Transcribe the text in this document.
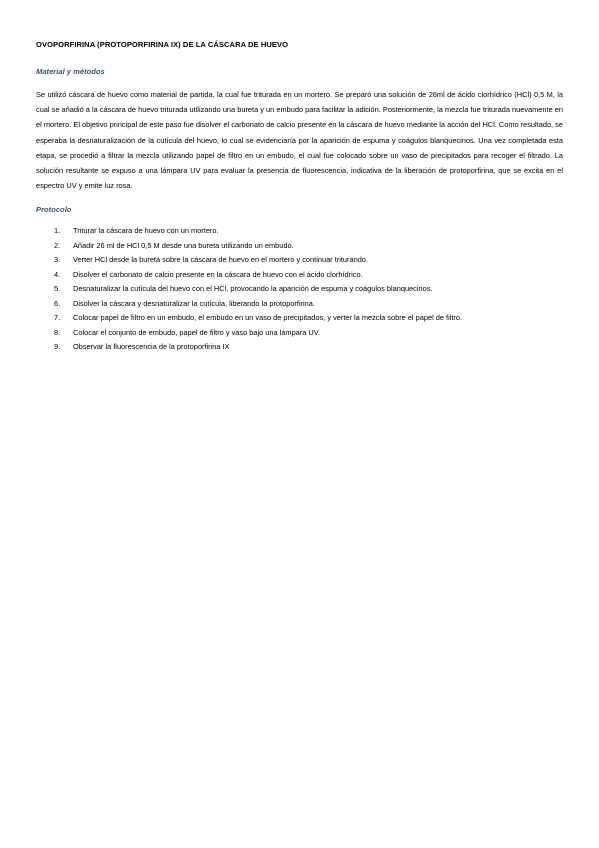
OVOPORFIRINA (PROTOPORFIRINA IX) DE LA CÁSCARA DE HUEVO
Material y métodos

Se utilizó cáscara de huevo como material de partida, la cual fue triturada en un mortero. Se preparó una solución de 26ml de ácido clorhídrico (HCl) 0,5 M, la cual se añadió a la cáscara de huevo triturada utilizando una bureta y un embudo para facilitar la adición. Posteriormente, la mezcla fue triturada nuevamente en el mortero. El objetivo principal de este paso fue disolver el carbonato de calcio presente en la cáscara de huevo mediante la acción del HCl. Como resultado, se esperaba la desnaturalización de la cutícula del huevo, lo cual se evidenciaría por la aparición de espuma y coágulos blanquecinos. Una vez completada esta etapa, se procedió a filtrar la mezcla utilizando papel de filtro en un embudo, el cual fue colocado sobre un vaso de precipitados para recoger el filtrado. La solución resultante se expuso a una lámpara UV para evaluar la presencia de fluorescencia, indicativa de la liberación de protoporfirina, que se excita en el espectro UV y emite luz rosa.

Protocolo
1.	Triturar la cáscara de huevo con un mortero.
2.	Añadir 26 ml de HCl 0,5 M desde una bureta utilizando un embudo.
3.	Verter HCl desde la bureta sobre la cáscara de huevo en el mortero y continuar triturando.
4.	Disolver el carbonato de calcio presente en la cáscara de huevo con el ácido clorhídrico.
5.	Desnaturalizar la cutícula del huevo con el HCl, provocando la aparición de espuma y coágulos blanquecinos.
6.	Disolver la cáscara y desnaturalizar la cutícula, liberando la protoporfirina.
7.	Colocar papel de filtro en un embudo, el embudo en un vaso de precipitados, y verter la mezcla sobre el papel de filtro.
8.	Colocar el conjunto de embudo, papel de filtro y vaso bajo una lámpara UV.
9.	Observar la fluorescencia de la protoporfirina IX
